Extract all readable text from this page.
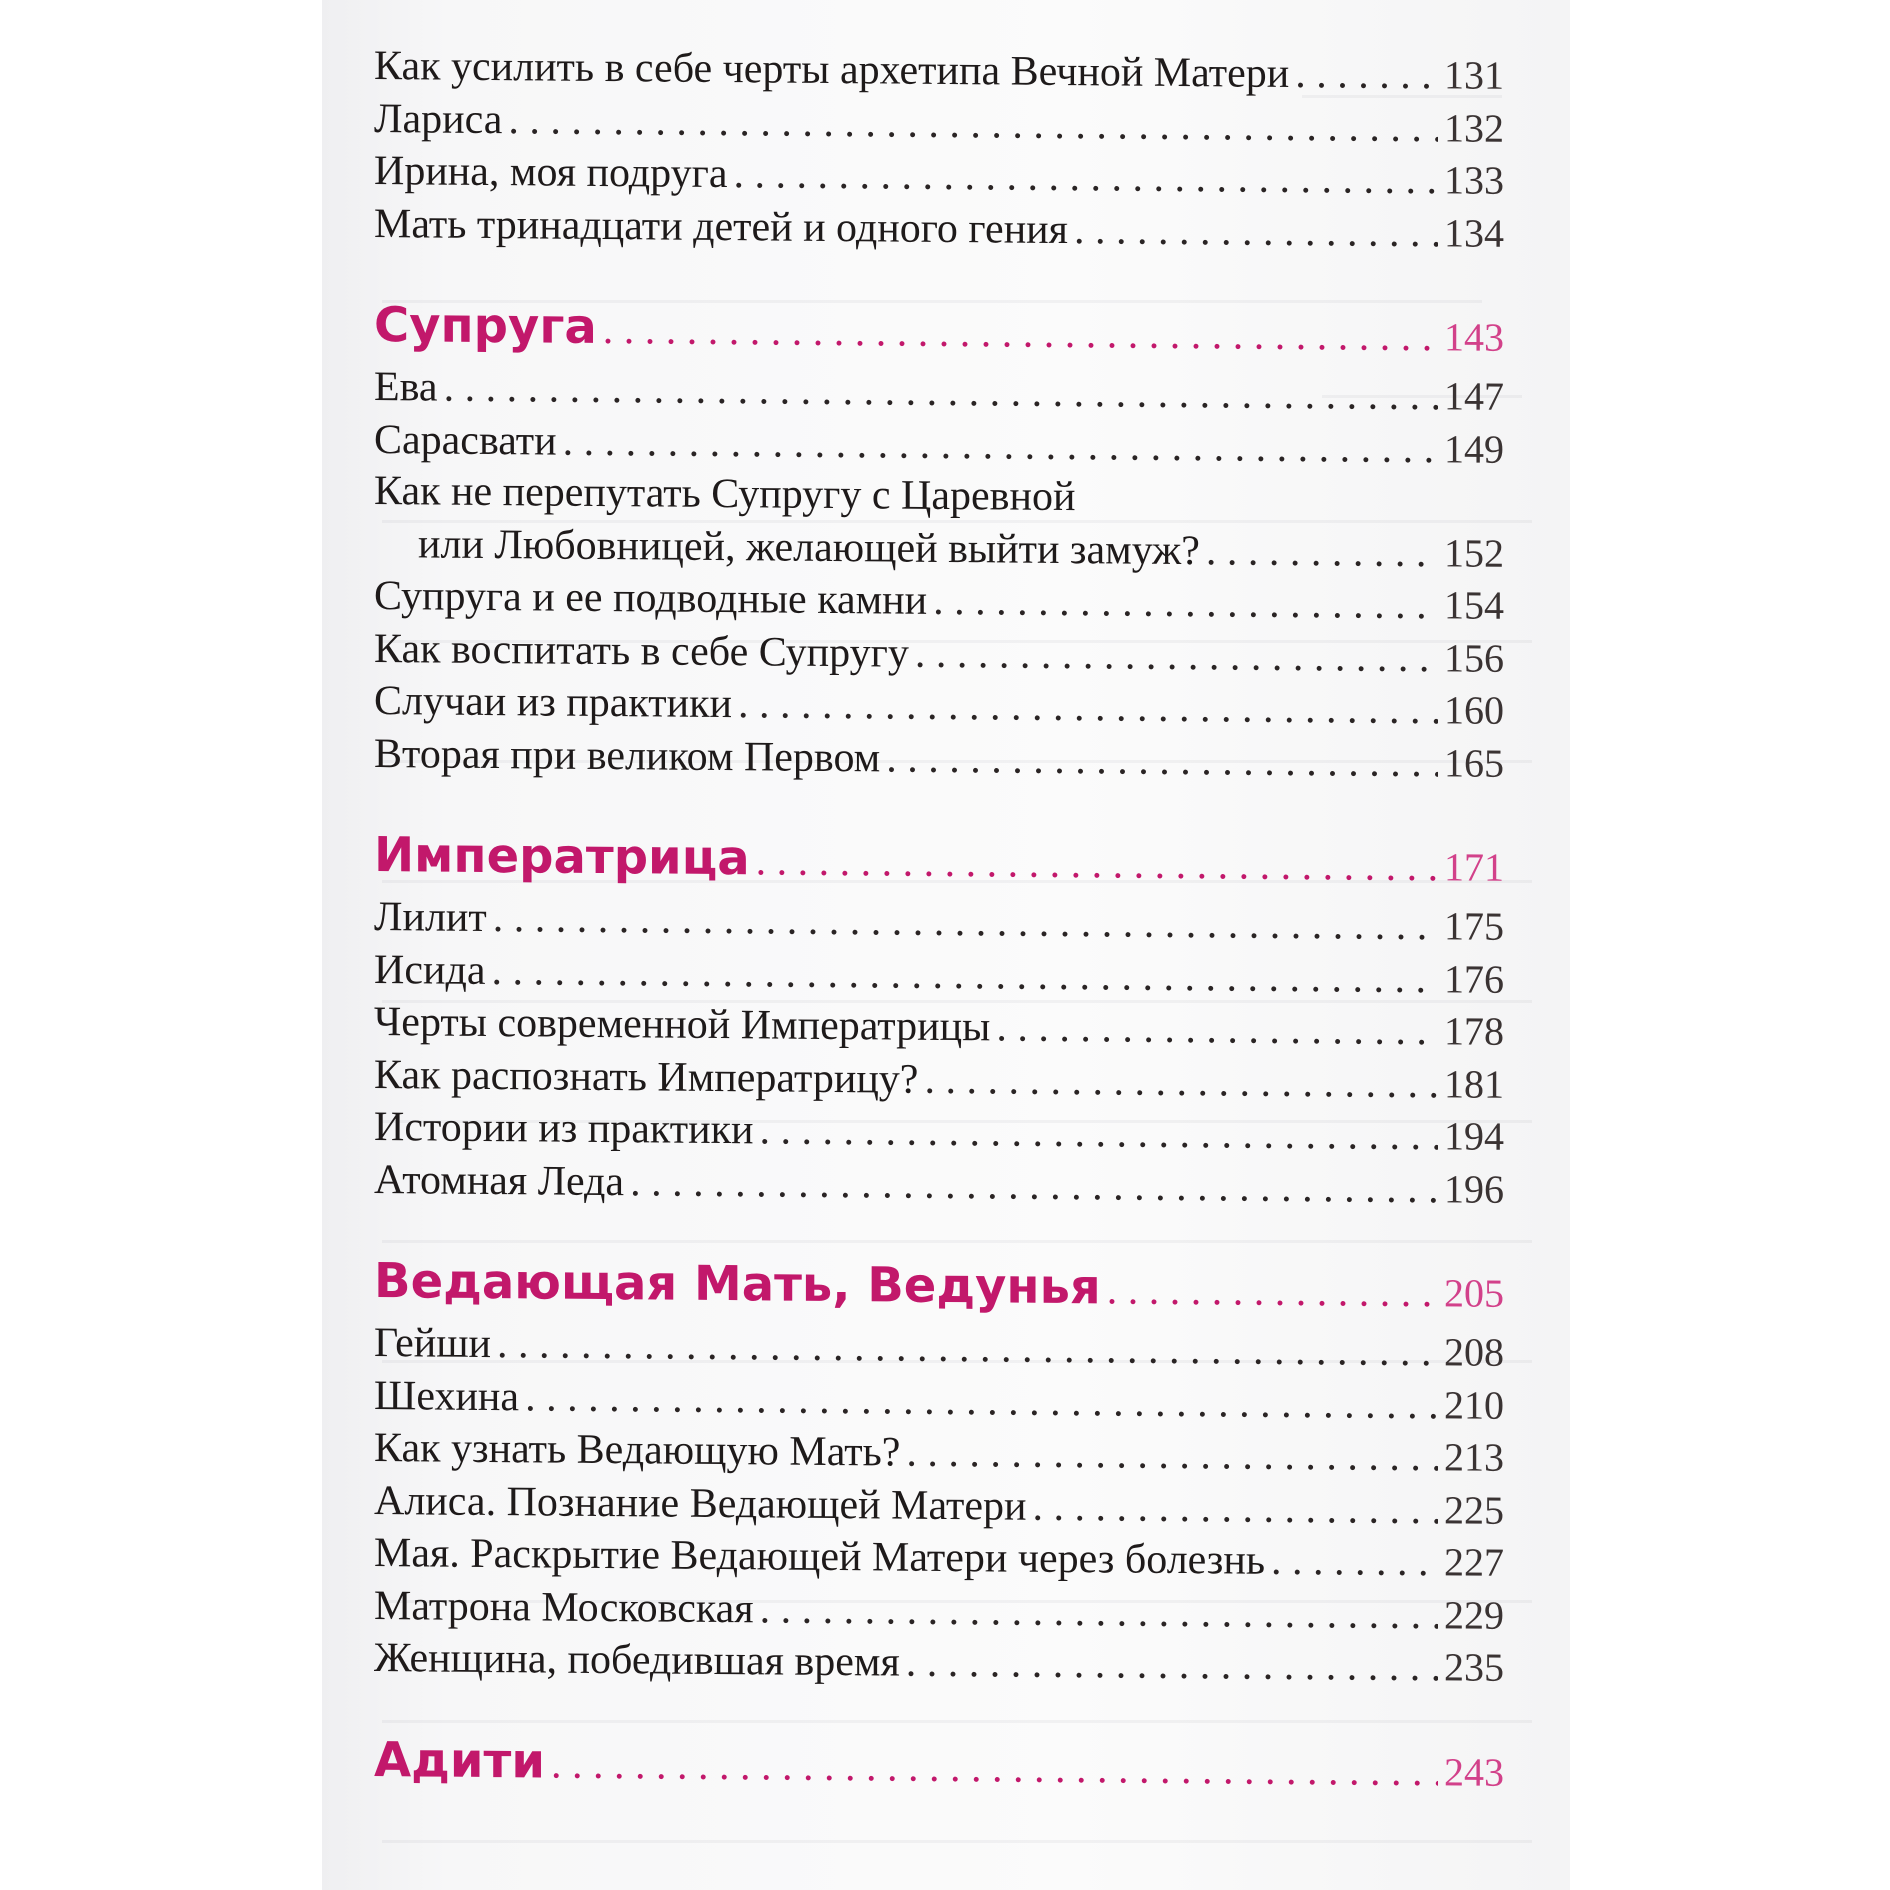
Как усилить в себе черты архетипа Вечной Матери . . .	131
Лариса . . .	132
Ирина, моя подруга . . .	133
Мать тринадцати детей и одного гения . . .	134
Супруга . . .	143
Ева . . .	147
Сарасвати . . .	149
Как не перепутать Супругу с Царевной
или Любовницей, желающей выйти замуж? . . .	152
Супруга и ее подводные камни . . .	154
Как воспитать в себе Супругу . . .	156
Случаи из практики . . .	160
Вторая при великом Первом . . .	165
Императрица . . .	171
Лилит . . .	175
Исида . . .	176
Черты современной Императрицы . . .	178
Как распознать Императрицу? . . .	181
Истории из практики . . .	194
Атомная Леда . . .	196
Ведающая Мать, Ведунья . . .	205
Гейши . . .	208
Шехина . . .	210
Как узнать Ведающую Мать? . . .	213
Алиса. Познание Ведающей Матери . . .	225
Мая. Раскрытие Ведающей Матери через болезнь . . .	227
Матрона Московская . . .	229
Женщина, победившая время . . .	235
Адити . . .	243
